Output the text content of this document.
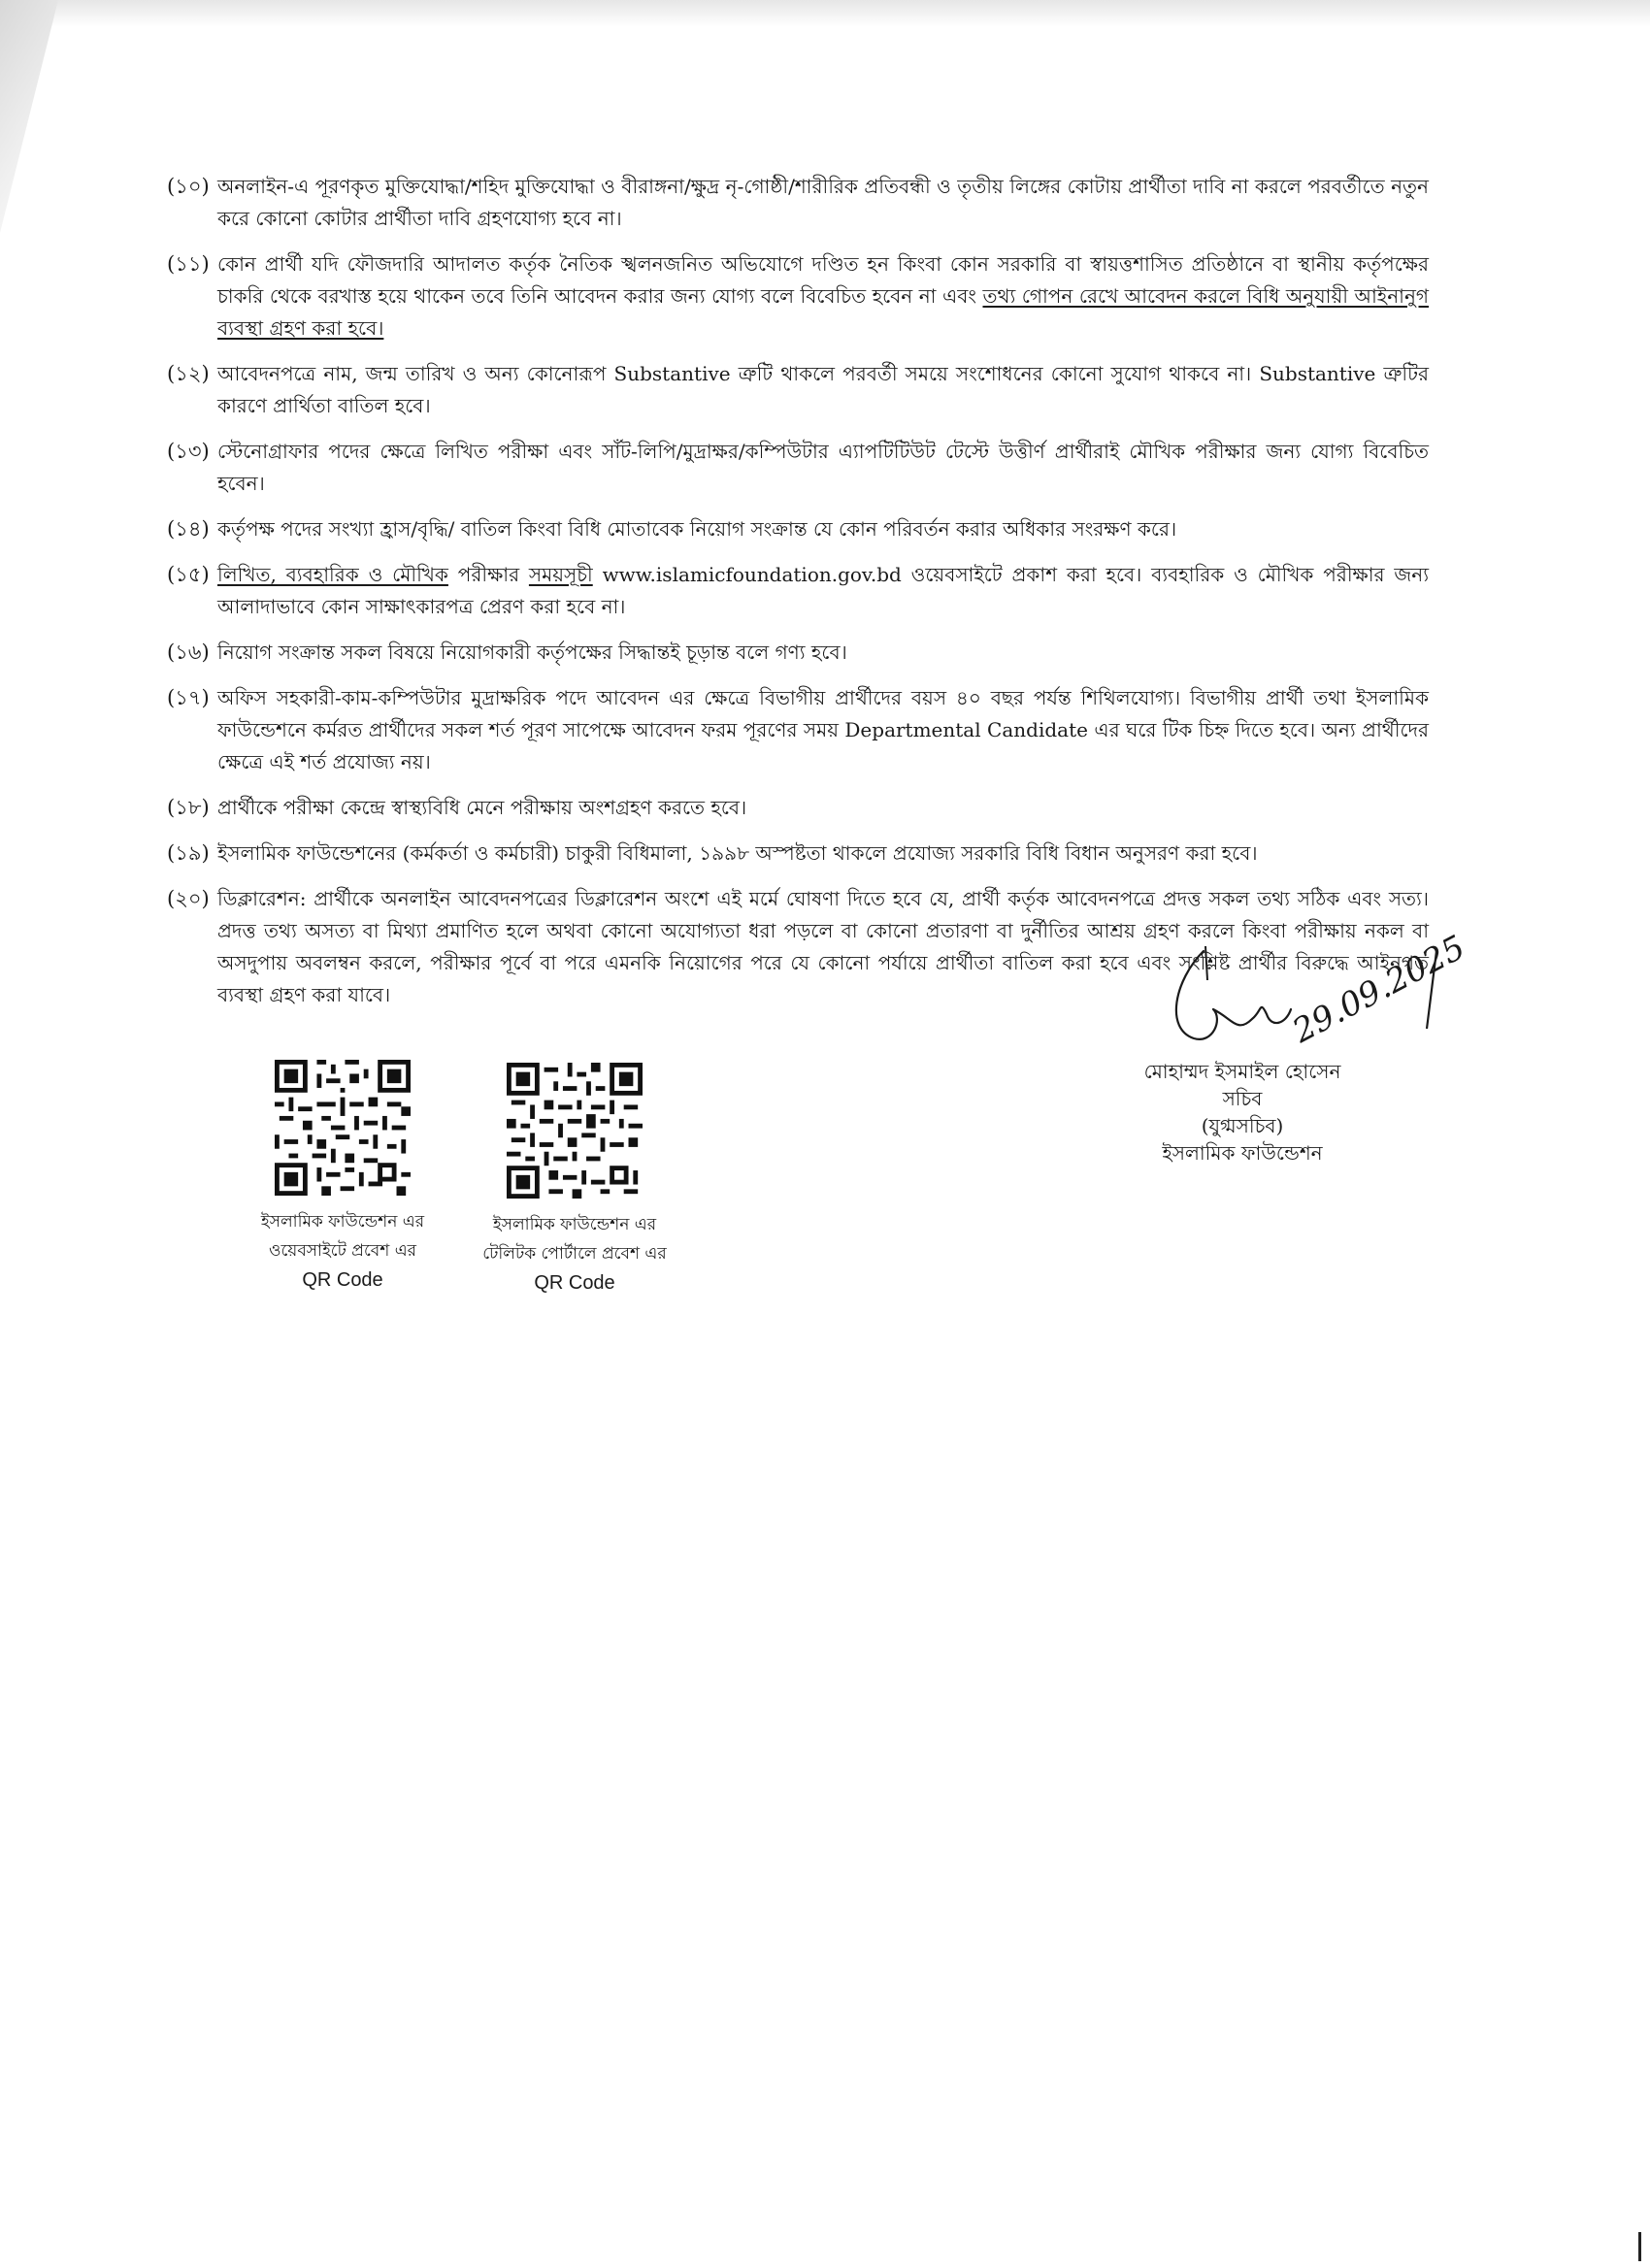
(১০) অনলাইন-এ পূরণকৃত মুক্তিযোদ্ধা/শহিদ মুক্তিযোদ্ধা ও বীরাঙ্গনা/ক্ষুদ্র নৃ-গোষ্ঠী/শারীরিক প্রতিবন্ধী ও তৃতীয় লিঙ্গের কোটায় প্রার্থীতা দাবি না করলে পরবর্তীতে নতুন করে কোনো কোটার প্রার্থীতা দাবি গ্রহণযোগ্য হবে না।
(১১) কোন প্রার্থী যদি ফৌজদারি আদালত কর্তৃক নৈতিক স্খলনজনিত অভিযোগে দণ্ডিত হন কিংবা কোন সরকারি বা স্বায়ত্তশাসিত প্রতিষ্ঠানে বা স্থানীয় কর্তৃপক্ষের চাকরি থেকে বরখাস্ত হয়ে থাকেন তবে তিনি আবেদন করার জন্য যোগ্য বলে বিবেচিত হবেন না এবং তথ্য গোপন রেখে আবেদন করলে বিধি অনুযায়ী আইনানুগ ব্যবস্থা গ্রহণ করা হবে।
(১২) আবেদনপত্রে নাম, জন্ম তারিখ ও অন্য কোনোরূপ Substantive ত্রুটি থাকলে পরবর্তী সময়ে সংশোধনের কোনো সুযোগ থাকবে না। Substantive ত্রুটির কারণে প্রার্থিতা বাতিল হবে।
(১৩) স্টেনোগ্রাফার পদের ক্ষেত্রে লিখিত পরীক্ষা এবং সাঁট-লিপি/মুদ্রাক্ষর/কম্পিউটার এ্যাপটিটিউট টেস্টে উত্তীর্ণ প্রার্থীরাই মৌখিক পরীক্ষার জন্য যোগ্য বিবেচিত হবেন।
(১৪) কর্তৃপক্ষ পদের সংখ্যা হ্রাস/বৃদ্ধি/ বাতিল কিংবা বিধি মোতাবেক নিয়োগ সংক্রান্ত যে কোন পরিবর্তন করার অধিকার সংরক্ষণ করে।
(১৫) লিখিত, ব্যবহারিক ও মৌখিক পরীক্ষার সময়সূচী www.islamicfoundation.gov.bd ওয়েবসাইটে প্রকাশ করা হবে। ব্যবহারিক ও মৌখিক পরীক্ষার জন্য আলাদাভাবে কোন সাক্ষাৎকারপত্র প্রেরণ করা হবে না।
(১৬) নিয়োগ সংক্রান্ত সকল বিষয়ে নিয়োগকারী কর্তৃপক্ষের সিদ্ধান্তই চূড়ান্ত বলে গণ্য হবে।
(১৭) অফিস সহকারী-কাম-কম্পিউটার মুদ্রাক্ষরিক পদে আবেদন এর ক্ষেত্রে বিভাগীয় প্রার্থীদের বয়স ৪০ বছর পর্যন্ত শিথিলযোগ্য। বিভাগীয় প্রার্থী তথা ইসলামিক ফাউন্ডেশনে কর্মরত প্রার্থীদের সকল শর্ত পূরণ সাপেক্ষে আবেদন ফরম পূরণের সময় Departmental Candidate এর ঘরে টিক চিহ্ন দিতে হবে। অন্য প্রার্থীদের ক্ষেত্রে এই শর্ত প্রযোজ্য নয়।
(১৮) প্রার্থীকে পরীক্ষা কেন্দ্রে স্বাস্থ্যবিধি মেনে পরীক্ষায় অংশগ্রহণ করতে হবে।
(১৯) ইসলামিক ফাউন্ডেশনের (কর্মকর্তা ও কর্মচারী) চাকুরী বিধিমালা, ১৯৯৮ অস্পষ্টতা থাকলে প্রযোজ্য সরকারি বিধি বিধান অনুসরণ করা হবে।
(২০) ডিক্লারেশন: প্রার্থীকে অনলাইন আবেদনপত্রের ডিক্লারেশন অংশে এই মর্মে ঘোষণা দিতে হবে যে, প্রার্থী কর্তৃক আবেদনপত্রে প্রদত্ত সকল তথ্য সঠিক এবং সত্য। প্রদত্ত তথ্য অসত্য বা মিথ্যা প্রমাণিত হলে অথবা কোনো অযোগ্যতা ধরা পড়লে বা কোনো প্রতারণা বা দুর্নীতির আশ্রয় গ্রহণ করলে কিংবা পরীক্ষায় নকল বা অসদুপায় অবলম্বন করলে, পরীক্ষার পূর্বে বা পরে এমনকি নিয়োগের পরে যে কোনো পর্যায়ে প্রার্থীতা বাতিল করা হবে এবং সংশ্লিষ্ট প্রার্থীর বিরুদ্ধে আইনগত ব্যবস্থা গ্রহণ করা যাবে।	29.09.2025
মোহাম্মদ ইসমাইল হোসেন
সচিব
(যুগ্মসচিব)
ইসলামিক ফাউন্ডেশন
ইসলামিক ফাউন্ডেশন এর
ওয়েবসাইটে প্রবেশ এর
QR Code
ইসলামিক ফাউন্ডেশন এর
টেলিটক পোর্টালে প্রবেশ এর
QR Code
